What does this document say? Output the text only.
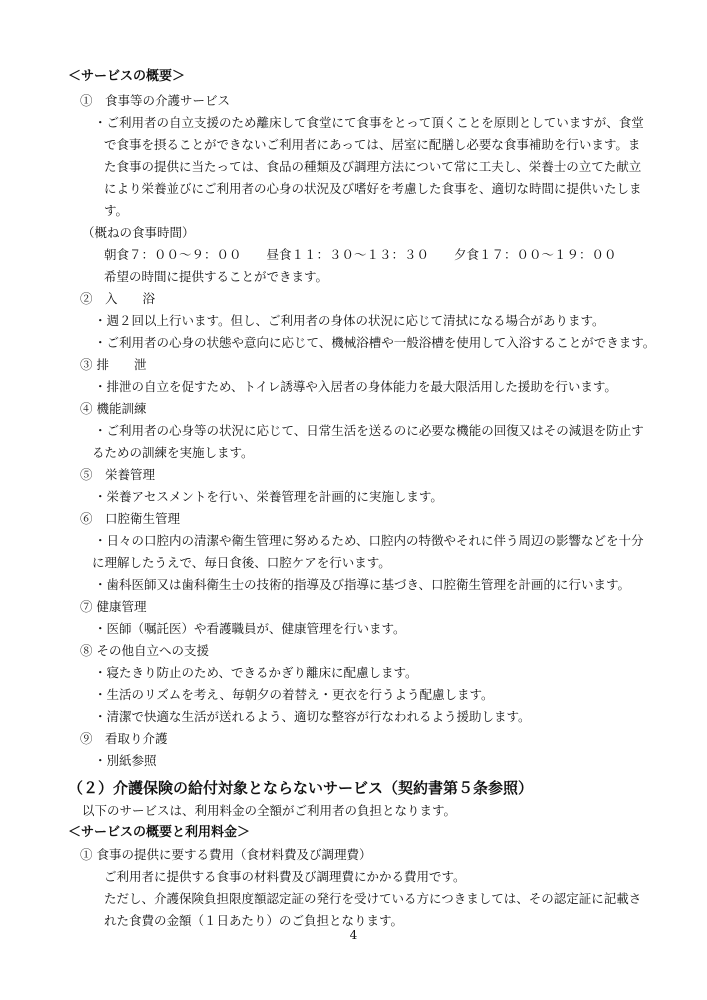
＜サービスの概要＞
①　食事等の介護サービス
・ご利用者の自立支援のため離床して食堂にて食事をとって頂くことを原則としていますが、食堂
で食事を摂ることができないご利用者にあっては、居室に配膳し必要な食事補助を行います。ま
た食事の提供に当たっては、食品の種類及び調理方法について常に工夫し、栄養士の立てた献立
により栄養並びにご利用者の心身の状況及び嗜好を考慮した食事を、適切な時間に提供いたしま
す。
（概ねの食事時間）
朝食７：００～９：００　　昼食１１：３０～１３：３０　　夕食１７：００～１９：００
希望の時間に提供することができます。
②　入　　浴
・週２回以上行います。但し、ご利用者の身体の状況に応じて清拭になる場合があります。
・ご利用者の心身の状態や意向に応じて、機械浴槽や一般浴槽を使用して入浴することができます。
③ 排　　泄
・排泄の自立を促すため、トイレ誘導や入居者の身体能力を最大限活用した援助を行います。
④ 機能訓練
・ご利用者の心身等の状況に応じて、日常生活を送るのに必要な機能の回復又はその減退を防止す
るための訓練を実施します。
⑤　栄養管理
・栄養アセスメントを行い、栄養管理を計画的に実施します。
⑥　口腔衛生管理
・日々の口腔内の清潔や衛生管理に努めるため、口腔内の特徴やそれに伴う周辺の影響などを十分
に理解したうえで、毎日食後、口腔ケアを行います。
・歯科医師又は歯科衛生士の技術的指導及び指導に基づき、口腔衛生管理を計画的に行います。
⑦ 健康管理
・医師（嘱託医）や看護職員が、健康管理を行います。
⑧ その他自立への支援
・寝たきり防止のため、できるかぎり離床に配慮します。
・生活のリズムを考え、毎朝夕の着替え・更衣を行うよう配慮します。
・清潔で快適な生活が送れるよう、適切な整容が行なわれるよう援助します。
⑨　看取り介護
・別紙参照
（２）介護保険の給付対象とならないサービス（契約書第５条参照）
以下のサービスは、利用料金の全額がご利用者の負担となります。
＜サービスの概要と利用料金＞
① 食事の提供に要する費用（食材料費及び調理費）
ご利用者に提供する食事の材料費及び調理費にかかる費用です。
ただし、介護保険負担限度額認定証の発行を受けている方につきましては、その認定証に記載さ
れた食費の金額（１日あたり）のご負担となります。
4
